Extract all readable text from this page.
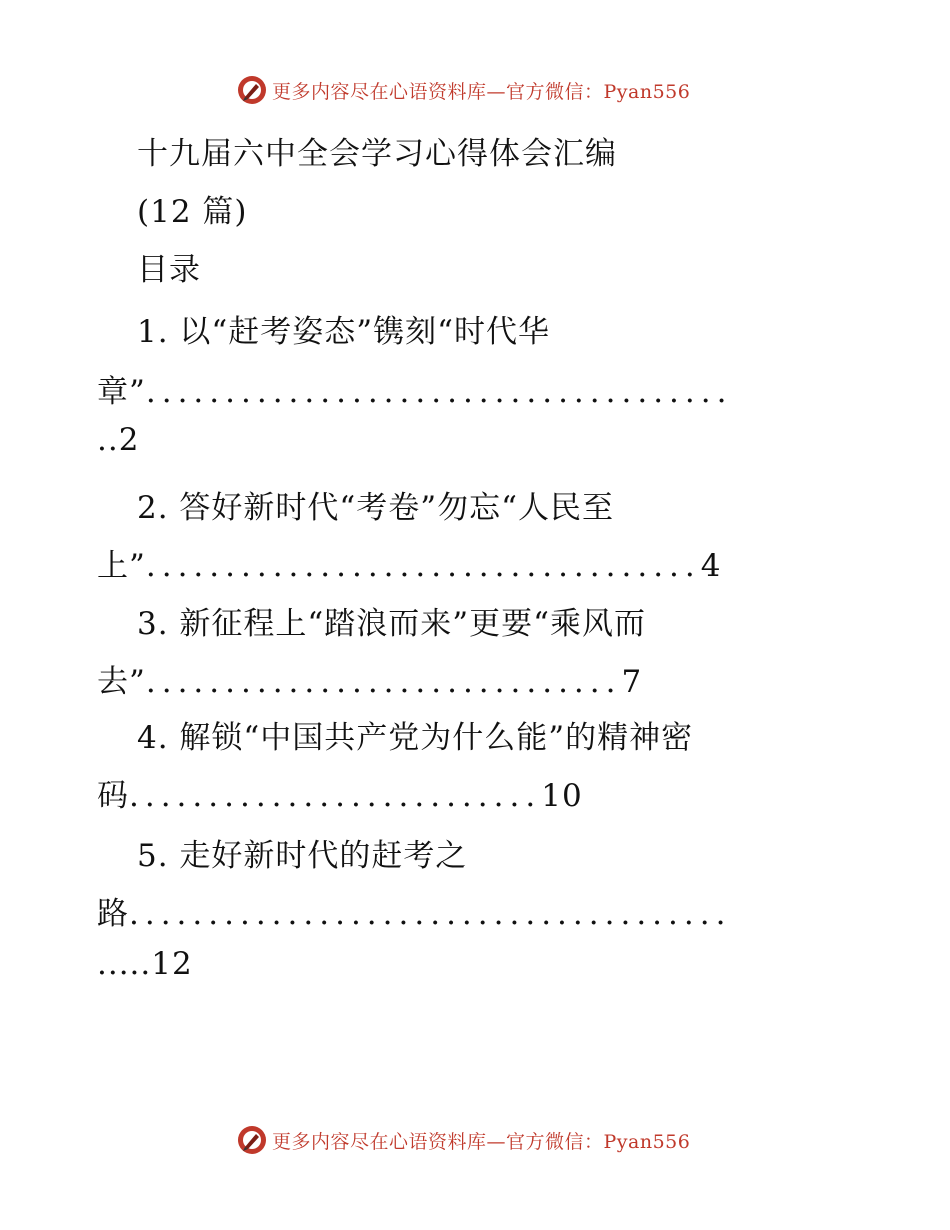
更多内容尽在心语资料库—官方微信：Pyan556
十九届六中全会学习心得体会汇编
(12 篇)
目录
1. 以“赶考姿态”镌刻“时代华
章”.....................................
..2
2. 答好新时代“考卷”勿忘“人民至
上”...................................4
3. 新征程上“踏浪而来”更要“乘风而
去”..............................7
4. 解锁“中国共产党为什么能”的精神密
码..........................10
5. 走好新时代的赶考之
路......................................
.....12
更多内容尽在心语资料库—官方微信：Pyan556
